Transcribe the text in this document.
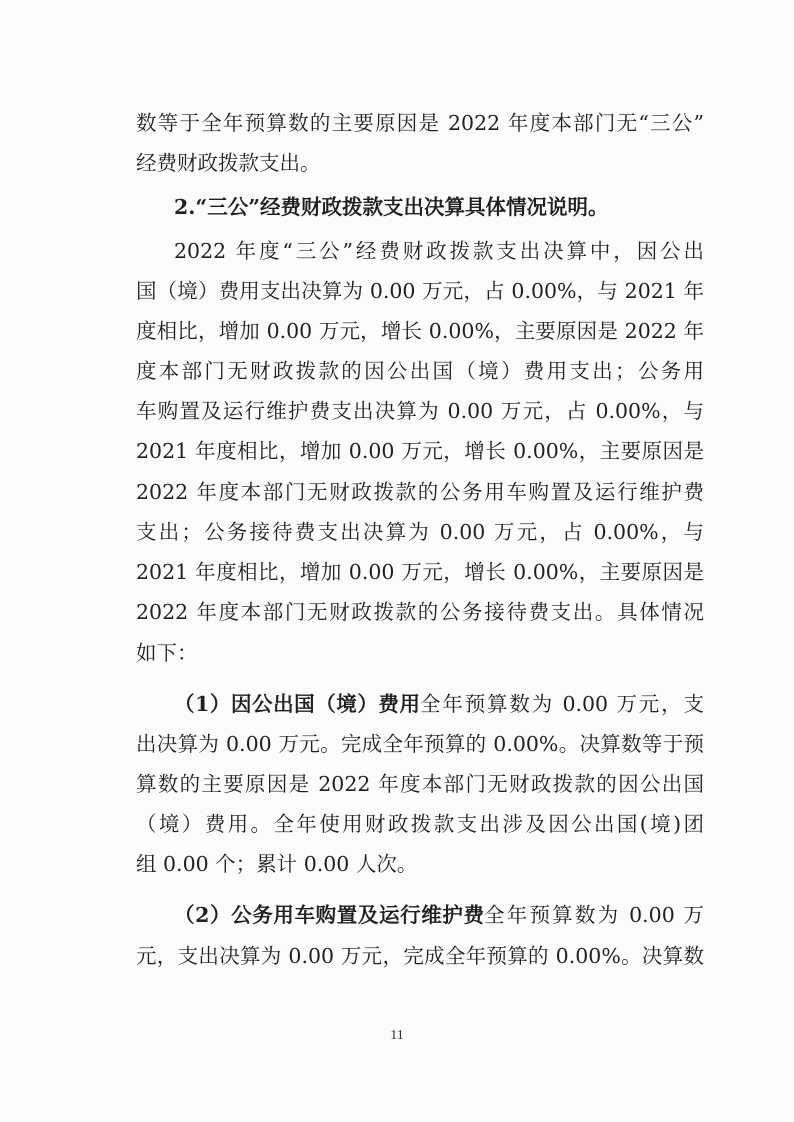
数等于全年预算数的主要原因是 2022 年度本部门无“三公”
经费财政拨款支出。
2.“三公”经费财政拨款支出决算具体情况说明。
2022 年度“三公”经费财政拨款支出决算中，因公出
国（境）费用支出决算为 0.00 万元，占 0.00%，与 2021 年
度相比，增加 0.00 万元，增长 0.00%，主要原因是 2022 年
度本部门无财政拨款的因公出国（境）费用支出；公务用
车购置及运行维护费支出决算为 0.00 万元，占 0.00%，与
2021 年度相比，增加 0.00 万元，增长 0.00%，主要原因是
2022 年度本部门无财政拨款的公务用车购置及运行维护费
支出；公务接待费支出决算为 0.00 万元，占 0.00%，与
2021 年度相比，增加 0.00 万元，增长 0.00%，主要原因是
2022 年度本部门无财政拨款的公务接待费支出。具体情况
如下：
（1）因公出国（境）费用 全年预算数为 0.00 万元，支
出决算为 0.00 万元。完成全年预算的 0.00%。决算数等于预
算数的主要原因是 2022 年度本部门无财政拨款的因公出国
（境）费用。全年使用财政拨款支出涉及因公出国(境)团
组 0.00 个；累计 0.00 人次。
（2）公务用车购置及运行维护费 全年预算数为 0.00 万
元，支出决算为 0.00 万元，完成全年预算的 0.00%。决算数
11
